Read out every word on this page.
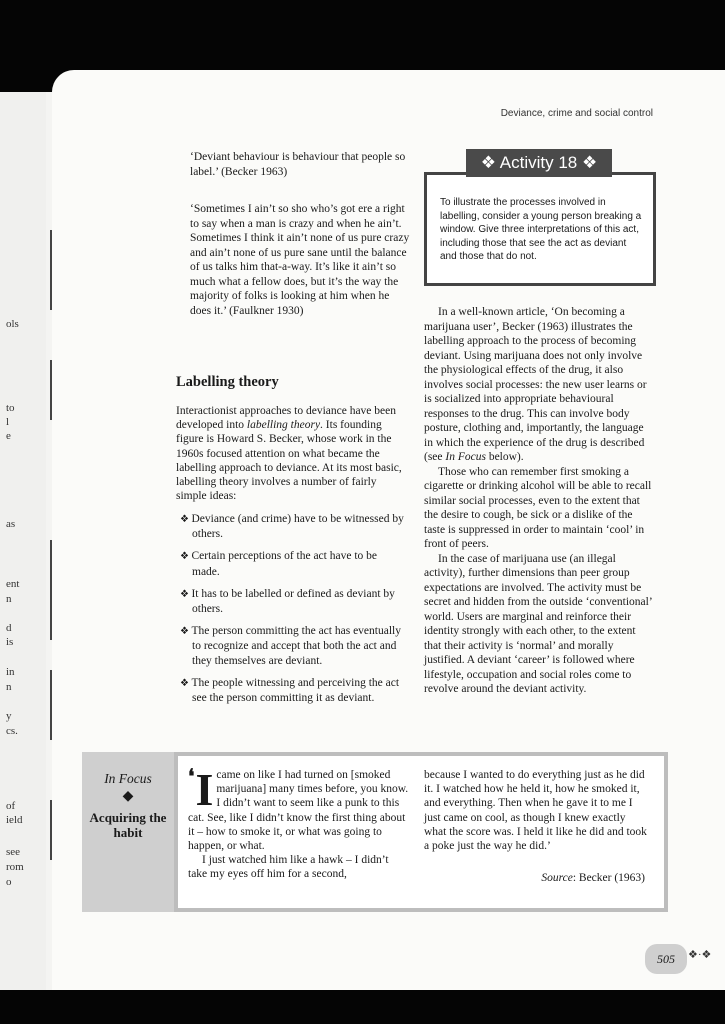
ols
to
l
e
as
ent
n
d
is
in
n
y
cs.
of
ield
see
rom
o
Deviance, crime and social control

‘Deviant behaviour is behaviour that people so label.’ (Becker 1963)

‘Sometimes I ain’t so sho who’s got ere a right to say when a man is crazy and when he ain’t. Sometimes I think it ain’t none of us pure crazy and ain’t none of us pure sane until the balance of us talks him that-a-way. It’s like it ain’t so much what a fellow does, but it’s the way the majority of folks is looking at him when he does it.’ (Faulkner 1930)

Labelling theory

Interactionist approaches to deviance have been developed into labelling theory. Its founding figure is Howard S. Becker, whose work in the 1960s focused attention on what became the labelling approach to deviance. At its most basic, labelling theory involves a number of fairly simple ideas:

❖ Deviance (and crime) have to be witnessed by others.
❖ Certain perceptions of the act have to be made.
❖ It has to be labelled or defined as deviant by others.
❖ The person committing the act has eventually to recognize and accept that both the act and they themselves are deviant.
❖ The people witnessing and perceiving the act see the person committing it as deviant.
❖ Activity 18 ❖

To illustrate the processes involved in labelling, consider a young person breaking a window. Give three interpretations of this act, including those that see the act as deviant and those that do not.

In a well-known article, ‘On becoming a marijuana user’, Becker (1963) illustrates the labelling approach to the process of becoming deviant. Using marijuana does not only involve the physiological effects of the drug, it also involves social processes: the new user learns or is socialized into appropriate behavioural responses to the drug. This can involve body posture, clothing and, importantly, the language in which the experience of the drug is described (see In Focus below).

Those who can remember first smoking a cigarette or drinking alcohol will be able to recall similar social processes, even to the extent that the desire to cough, be sick or a dislike of the taste is suppressed in order to maintain ‘cool’ in front of peers.

In the case of marijuana use (an illegal activity), further dimensions than peer group expectations are involved. The activity must be secret and hidden from the outside ‘conventional’ world. Users are marginal and reinforce their identity strongly with each other, to the extent that their activity is ‘normal’ and morally justified. A deviant ‘career’ is followed where lifestyle, occupation and social roles come to revolve around the deviant activity.

In Focus
◆
Acquiring the habit

❛ I came on like I had turned on [smoked marijuana] many times before, you know. I didn’t want to seem like a punk to this cat. See, like I didn’t know the first thing about it – how to smoke it, or what was going to happen, or what.
I just watched him like a hawk – I didn’t take my eyes off him for a second,

because I wanted to do everything just as he did it. I watched how he held it, how he smoked it, and everything. Then when he gave it to me I just came on cool, as though I knew exactly what the score was. I held it like he did and took a poke just the way he did.’

Source: Becker (1963)
505	❖·❖
